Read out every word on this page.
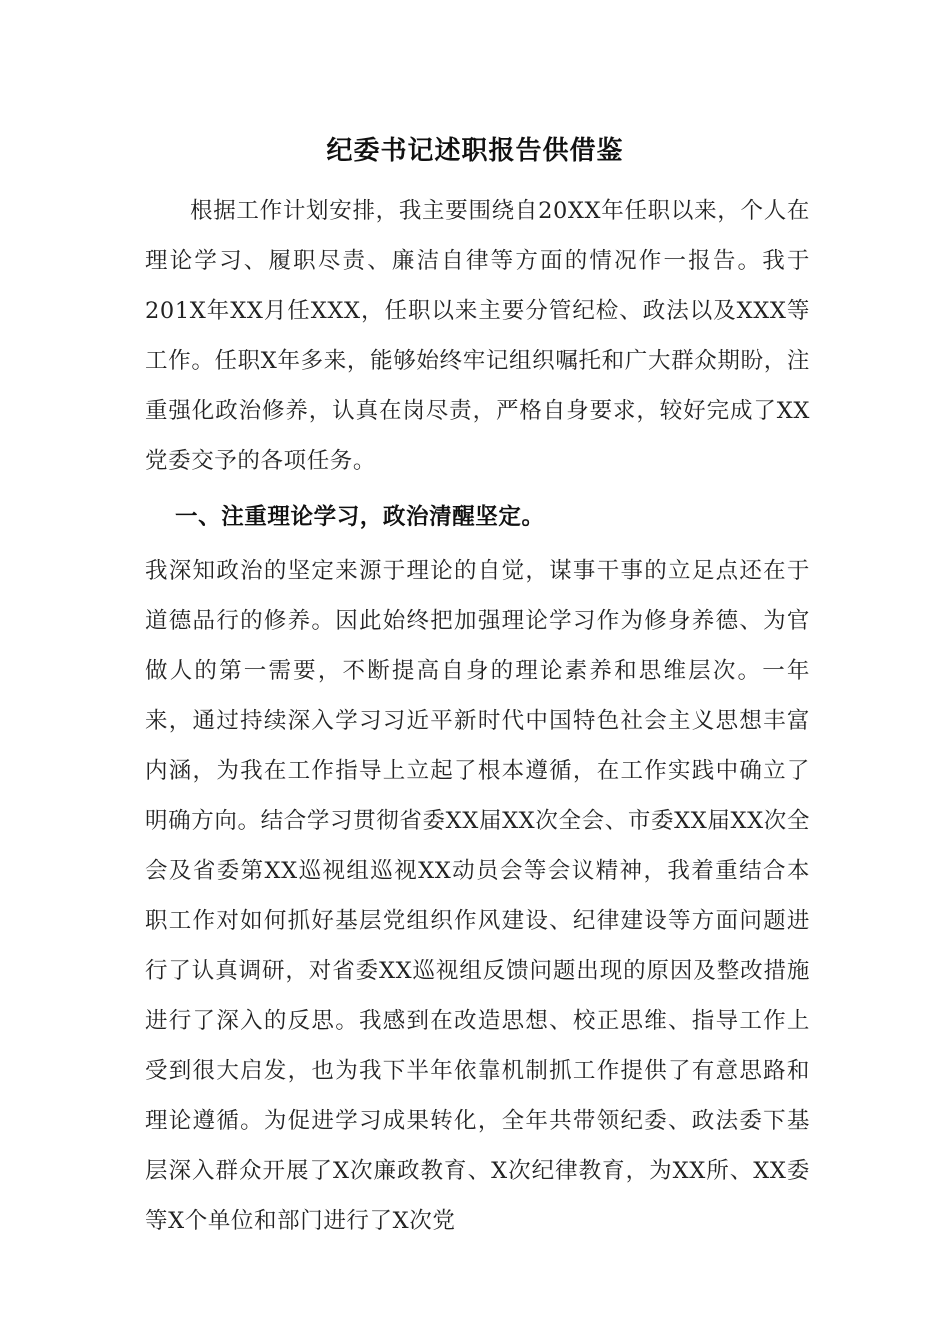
纪委书记述职报告供借鉴

根据工作计划安排，我主要围绕自20XX年任职以来，个人在理论学习、履职尽责、廉洁自律等方面的情况作一报告。我于201X年XX月任XXX，任职以来主要分管纪检、政法以及XXX等工作。任职X年多来，能够始终牢记组织嘱托和广大群众期盼，注重强化政治修养，认真在岗尽责，严格自身要求，较好完成了XX党委交予的各项任务。

一、注重理论学习，政治清醒坚定。

我深知政治的坚定来源于理论的自觉，谋事干事的立足点还在于道德品行的修养。因此始终把加强理论学习作为修身养德、为官做人的第一需要，不断提高自身的理论素养和思维层次。一年来，通过持续深入学习习近平新时代中国特色社会主义思想丰富内涵，为我在工作指导上立起了根本遵循，在工作实践中确立了明确方向。结合学习贯彻省委XX届XX次全会、市委XX届XX次全会及省委第XX巡视组巡视XX动员会等会议精神，我着重结合本职工作对如何抓好基层党组织作风建设、纪律建设等方面问题进行了认真调研，对省委XX巡视组反馈问题出现的原因及整改措施进行了深入的反思。我感到在改造思想、校正思维、指导工作上受到很大启发，也为我下半年依靠机制抓工作提供了有意思路和理论遵循。为促进学习成果转化，全年共带领纪委、政法委下基层深入群众开展了X次廉政教育、X次纪律教育，为XX所、XX委等X个单位和部门进行了X次党
